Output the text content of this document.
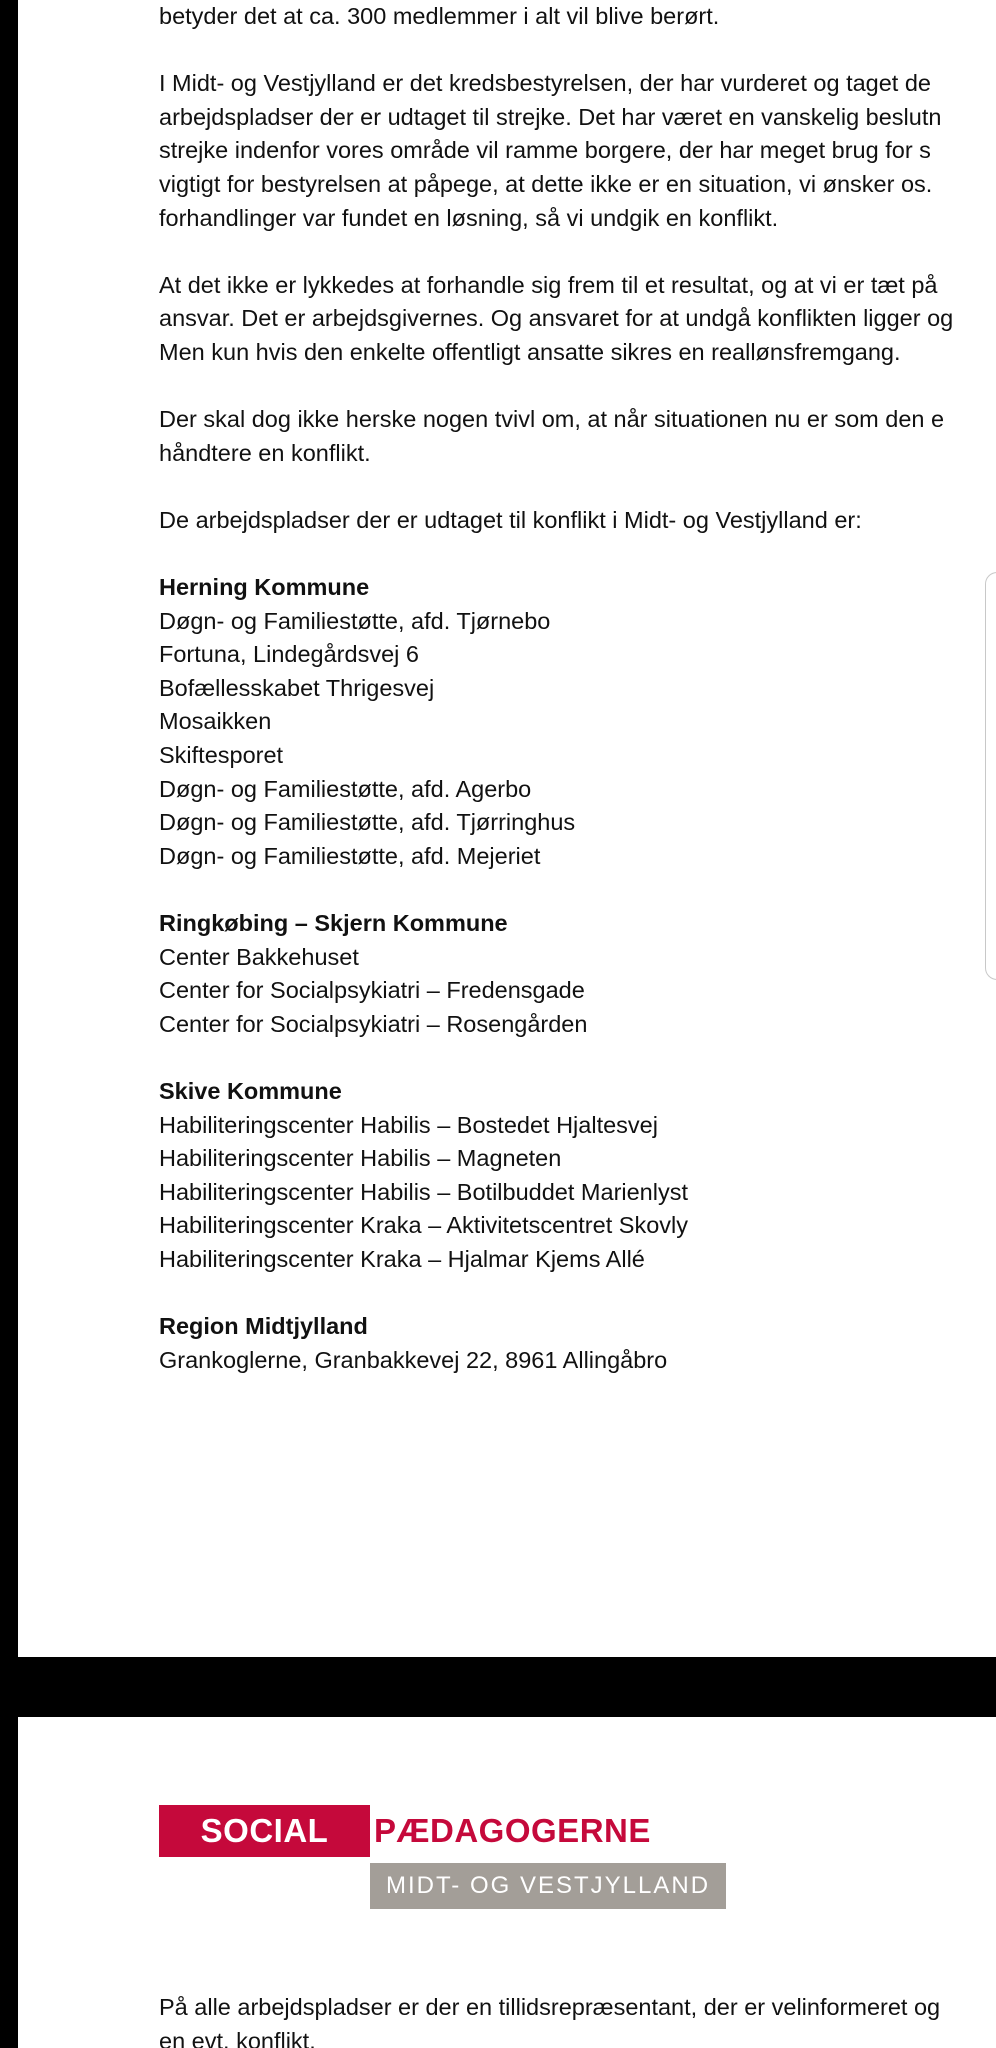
betyder det at ca. 300 medlemmer i alt vil blive berørt.

I Midt- og Vestjylland er det kredsbestyrelsen, der har vurderet og taget de

arbejdspladser der er udtaget til strejke. Det har været en vanskelig beslutn

strejke indenfor vores område vil ramme borgere, der har meget brug for s

vigtigt for bestyrelsen at påpege, at dette ikke er en situation, vi ønsker os.

forhandlinger var fundet en løsning, så vi undgik en konflikt.

At det ikke er lykkedes at forhandle sig frem til et resultat, og at vi er tæt på

ansvar. Det er arbejdsgivernes. Og ansvaret for at undgå konflikten ligger og

Men kun hvis den enkelte offentligt ansatte sikres en reallønsfremgang.

Der skal dog ikke herske nogen tvivl om, at når situationen nu er som den e

håndtere en konflikt.

De arbejdspladser der er udtaget til konflikt i Midt- og Vestjylland er:

Herning Kommune

Døgn- og Familiestøtte, afd. Tjørnebo

Fortuna, Lindegårdsvej 6

Bofællesskabet Thrigesvej

Mosaikken

Skiftesporet

Døgn- og Familiestøtte, afd. Agerbo

Døgn- og Familiestøtte, afd. Tjørringhus

Døgn- og Familiestøtte, afd. Mejeriet

Ringkøbing – Skjern Kommune

Center Bakkehuset

Center for Socialpsykiatri – Fredensgade

Center for Socialpsykiatri – Rosengården

Skive Kommune

Habiliteringscenter Habilis – Bostedet Hjaltesvej

Habiliteringscenter Habilis – Magneten

Habiliteringscenter Habilis – Botilbuddet Marienlyst

Habiliteringscenter Kraka – Aktivitetscentret Skovly

Habiliteringscenter Kraka – Hjalmar Kjems Allé

Region Midtjylland

Grankoglerne, Granbakkevej 22, 8961 Allingåbro

SOCIAL	PÆDAGOGERNE
MIDT- OG VESTJYLLAND

På alle arbejdspladser er der en tillidsrepræsentant, der er velinformeret og

en evt. konflikt.
